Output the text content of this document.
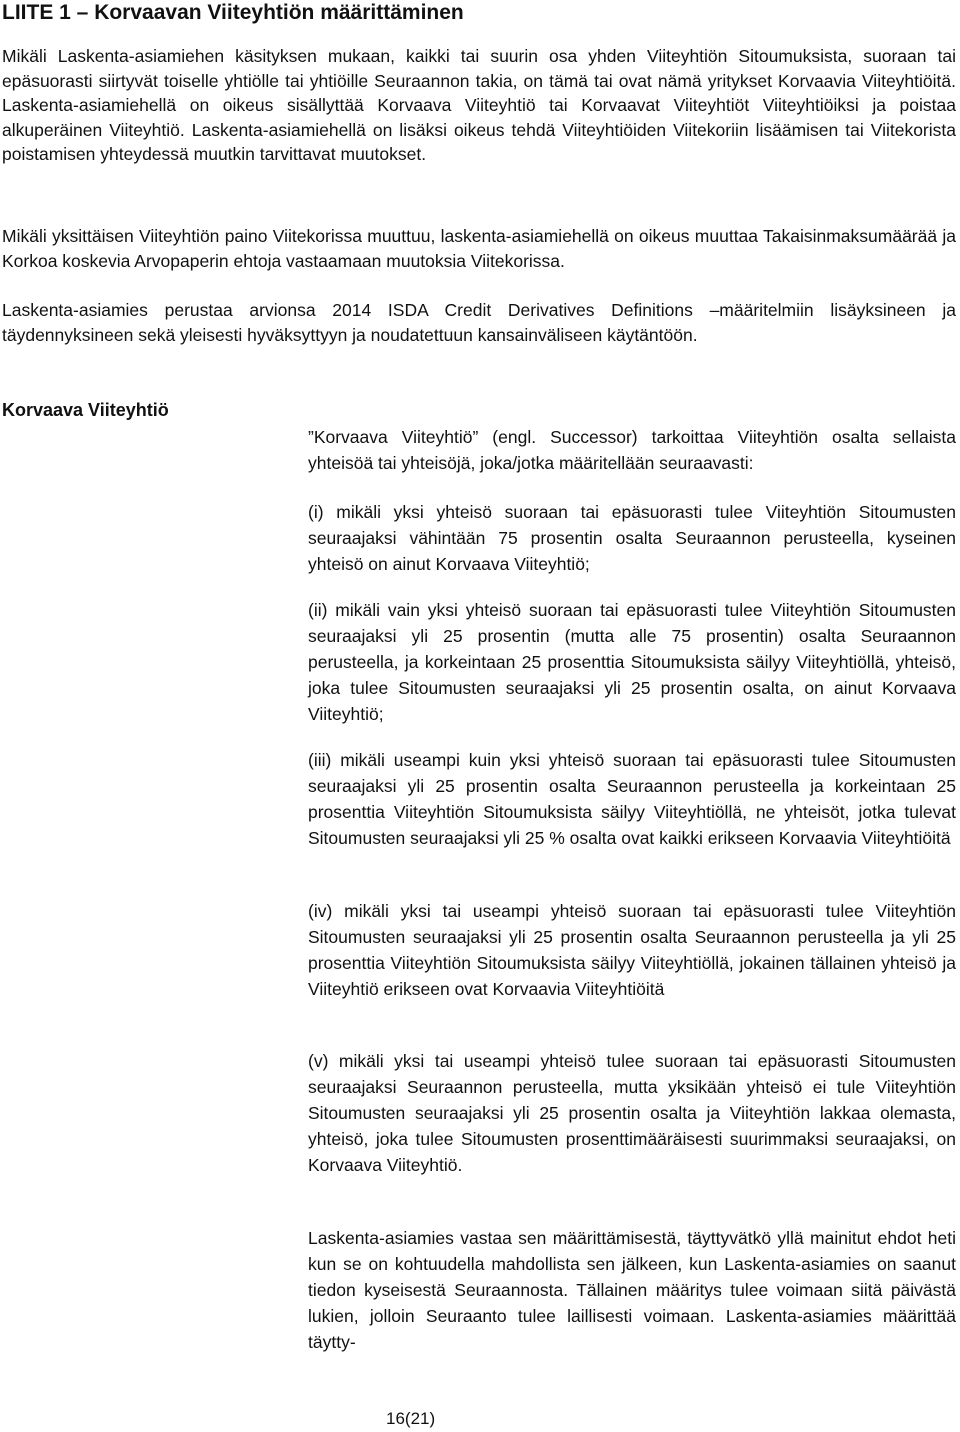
LIITE 1 – Korvaavan Viiteyhtiön määrittäminen

Mikäli Laskenta-asiamiehen käsityksen mukaan, kaikki tai suurin osa yhden Viiteyhtiön Sitoumuksista, suoraan tai epäsuorasti siirtyvät toiselle yhtiölle tai yhtiöille Seuraannon takia, on tämä tai ovat nämä yritykset Korvaavia Viiteyhtiöitä. Laskenta-asiamiehellä on oikeus sisällyttää Korvaava Viiteyhtiö tai Korvaavat Viiteyhtiöt Viiteyhtiöiksi ja poistaa alkuperäinen Viiteyhtiö. Laskenta-asiamiehellä on lisäksi oikeus tehdä Viiteyhtiöiden Viitekoriin lisäämisen tai Viitekorista poistamisen yhteydessä muutkin tarvittavat muutokset.

Mikäli yksittäisen Viiteyhtiön paino Viitekorissa muuttuu, laskenta-asiamiehellä on oikeus muuttaa Takaisinmaksumäärää ja Korkoa koskevia Arvopaperin ehtoja vastaamaan muutoksia Viitekorissa.

Laskenta-asiamies perustaa arvionsa 2014 ISDA Credit Derivatives Definitions –määritelmiin lisäyksineen ja täydennyksineen sekä yleisesti hyväksyttyyn ja noudatettuun kansainväliseen käytäntöön.

Korvaava Viiteyhtiö

”Korvaava Viiteyhtiö” (engl. Successor) tarkoittaa Viiteyhtiön osalta sellaista yhteisöä tai yhteisöjä, joka/jotka määritellään seuraavasti:

(i) mikäli yksi yhteisö suoraan tai epäsuorasti tulee Viiteyhtiön Sitoumusten seuraajaksi vähintään 75 prosentin osalta Seuraannon perusteella, kyseinen yhteisö on ainut Korvaava Viiteyhtiö;

(ii) mikäli vain yksi yhteisö suoraan tai epäsuorasti tulee Viiteyhtiön Sitoumusten seuraajaksi yli 25 prosentin (mutta alle 75 prosentin) osalta Seuraannon perusteella, ja korkeintaan 25 prosenttia Sitoumuksista säilyy Viiteyhtiöllä, yhteisö, joka tulee Sitoumusten seuraajaksi yli 25 prosentin osalta, on ainut Korvaava Viiteyhtiö;

(iii) mikäli useampi kuin yksi yhteisö suoraan tai epäsuorasti tulee Sitoumusten seuraajaksi yli 25 prosentin osalta Seuraannon perusteella ja korkeintaan 25 prosenttia Viiteyhtiön Sitoumuksista säilyy Viiteyhtiöllä, ne yhteisöt, jotka tulevat Sitoumusten seuraajaksi yli 25 % osalta ovat kaikki erikseen Korvaavia Viiteyhtiöitä

(iv) mikäli yksi tai useampi yhteisö suoraan tai epäsuorasti tulee Viiteyhtiön Sitoumusten seuraajaksi yli 25 prosentin osalta Seuraannon perusteella ja yli 25 prosenttia Viiteyhtiön Sitoumuksista säilyy Viiteyhtiöllä, jokainen tällainen yhteisö ja Viiteyhtiö erikseen ovat Korvaavia Viiteyhtiöitä

(v) mikäli yksi tai useampi yhteisö tulee suoraan tai epäsuorasti Sitoumusten seuraajaksi Seuraannon perusteella, mutta yksikään yhteisö ei tule Viiteyhtiön Sitoumusten seuraajaksi yli 25 prosentin osalta ja Viiteyhtiön lakkaa olemasta, yhteisö, joka tulee Sitoumusten prosenttimääräisesti suurimmaksi seuraajaksi, on Korvaava Viiteyhtiö.

Laskenta-asiamies vastaa sen määrittämisestä, täyttyvätkö yllä mainitut ehdot heti kun se on kohtuudella mahdollista sen jälkeen, kun Laskenta-asiamies on saanut tiedon kyseisestä Seuraannosta. Tällainen määritys tulee voimaan siitä päivästä lukien, jolloin Seuraanto tulee laillisesti voimaan. Laskenta-asiamies määrittää täytty-

16(21)
